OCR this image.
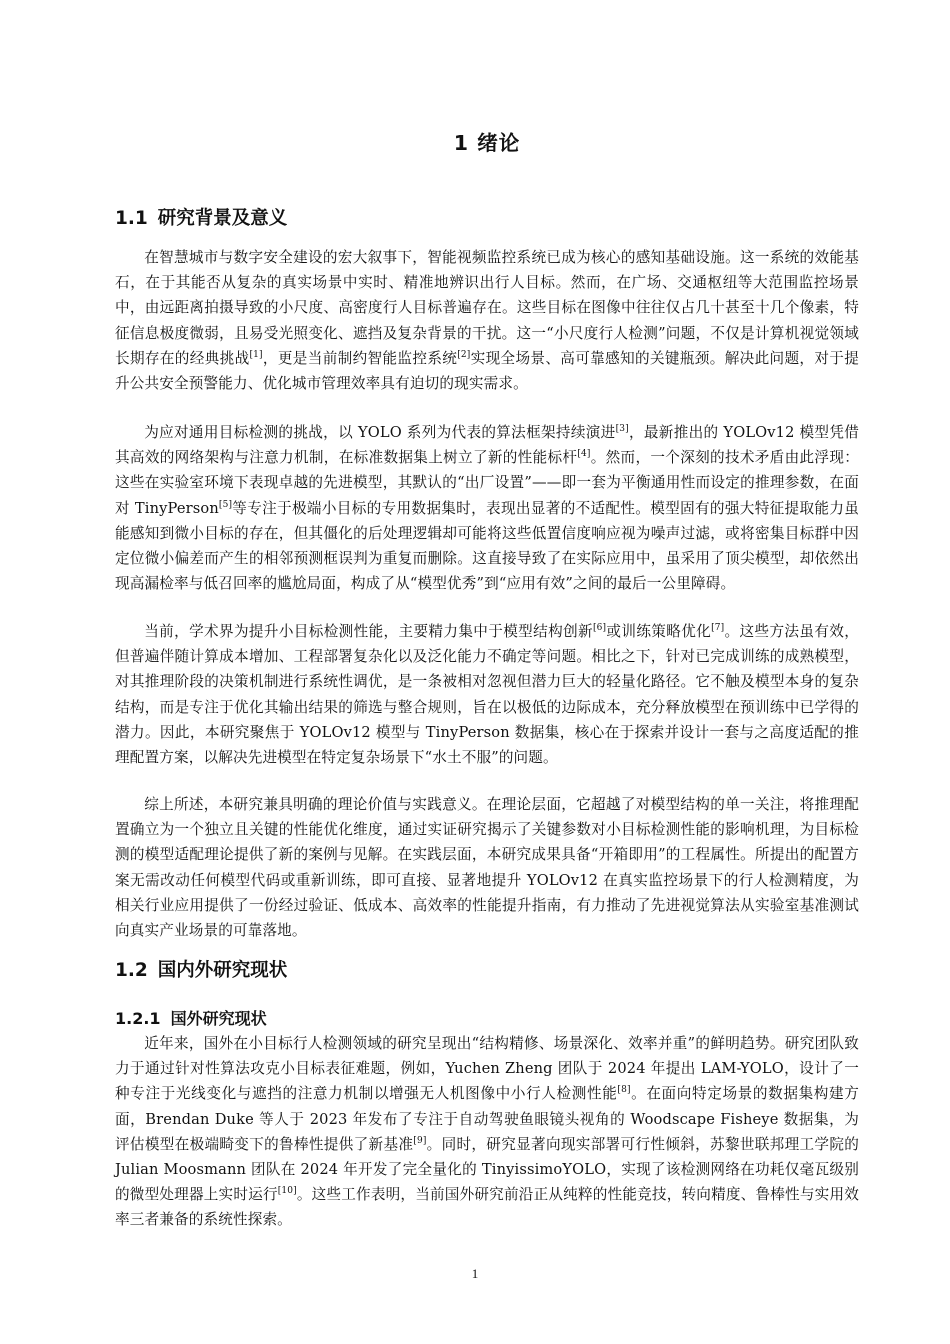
1 绪论
1.1 研究背景及意义

在智慧城市与数字安全建设的宏大叙事下，智能视频监控系统已成为核心的感知基础设施。这一系统的效能基石，在于其能否从复杂的真实场景中实时、精准地辨识出行人目标。然而，在广场、交通枢纽等大范围监控场景中，由远距离拍摄导致的小尺度、高密度行人目标普遍存在。这些目标在图像中往往仅占几十甚至十几个像素，特征信息极度微弱，且易受光照变化、遮挡及复杂背景的干扰。这一“小尺度行人检测”问题，不仅是计算机视觉领域长期存在的经典挑战[1]，更是当前制约智能监控系统[2]实现全场景、高可靠感知的关键瓶颈。解决此问题，对于提升公共安全预警能力、优化城市管理效率具有迫切的现实需求。

为应对通用目标检测的挑战，以 YOLO 系列为代表的算法框架持续演进[3]，最新推出的 YOLOv12 模型凭借其高效的网络架构与注意力机制，在标准数据集上树立了新的性能标杆[4]。然而，一个深刻的技术矛盾由此浮现：这些在实验室环境下表现卓越的先进模型，其默认的“出厂设置”——即一套为平衡通用性而设定的推理参数，在面对 TinyPerson[5]等专注于极端小目标的专用数据集时，表现出显著的不适配性。模型固有的强大特征提取能力虽能感知到微小目标的存在，但其僵化的后处理逻辑却可能将这些低置信度响应视为噪声过滤，或将密集目标群中因定位微小偏差而产生的相邻预测框误判为重复而删除。这直接导致了在实际应用中，虽采用了顶尖模型，却依然出现高漏检率与低召回率的尴尬局面，构成了从“模型优秀”到“应用有效”之间的最后一公里障碍。

当前，学术界为提升小目标检测性能，主要精力集中于模型结构创新[6]或训练策略优化[7]。这些方法虽有效，但普遍伴随计算成本增加、工程部署复杂化以及泛化能力不确定等问题。相比之下，针对已完成训练的成熟模型，对其推理阶段的决策机制进行系统性调优，是一条被相对忽视但潜力巨大的轻量化路径。它不触及模型本身的复杂结构，而是专注于优化其输出结果的筛选与整合规则，旨在以极低的边际成本，充分释放模型在预训练中已学得的潜力。因此，本研究聚焦于 YOLOv12 模型与 TinyPerson 数据集，核心在于探索并设计一套与之高度适配的推理配置方案，以解决先进模型在特定复杂场景下“水土不服”的问题。

综上所述，本研究兼具明确的理论价值与实践意义。在理论层面，它超越了对模型结构的单一关注，将推理配置确立为一个独立且关键的性能优化维度，通过实证研究揭示了关键参数对小目标检测性能的影响机理，为目标检测的模型适配理论提供了新的案例与见解。在实践层面，本研究成果具备“开箱即用”的工程属性。所提出的配置方案无需改动任何模型代码或重新训练，即可直接、显著地提升 YOLOv12 在真实监控场景下的行人检测精度，为相关行业应用提供了一份经过验证、低成本、高效率的性能提升指南，有力推动了先进视觉算法从实验室基准测试向真实产业场景的可靠落地。

1.2 国内外研究现状
1.2.1 国外研究现状

近年来，国外在小目标行人检测领域的研究呈现出“结构精修、场景深化、效率并重”的鲜明趋势。研究团队致力于通过针对性算法攻克小目标表征难题，例如，Yuchen Zheng 团队于 2024 年提出 LAM-YOLO，设计了一种专注于光线变化与遮挡的注意力机制以增强无人机图像中小行人检测性能[8]。在面向特定场景的数据集构建方面，Brendan Duke 等人于 2023 年发布了专注于自动驾驶鱼眼镜头视角的 Woodscape Fisheye 数据集，为评估模型在极端畸变下的鲁棒性提供了新基准[9]。同时，研究显著向现实部署可行性倾斜，苏黎世联邦理工学院的 Julian Moosmann 团队在 2024 年开发了完全量化的 TinyissimoYOLO，实现了该检测网络在功耗仅毫瓦级别的微型处理器上实时运行[10]。这些工作表明，当前国外研究前沿正从纯粹的性能竞技，转向精度、鲁棒性与实用效率三者兼备的系统性探索。

1
